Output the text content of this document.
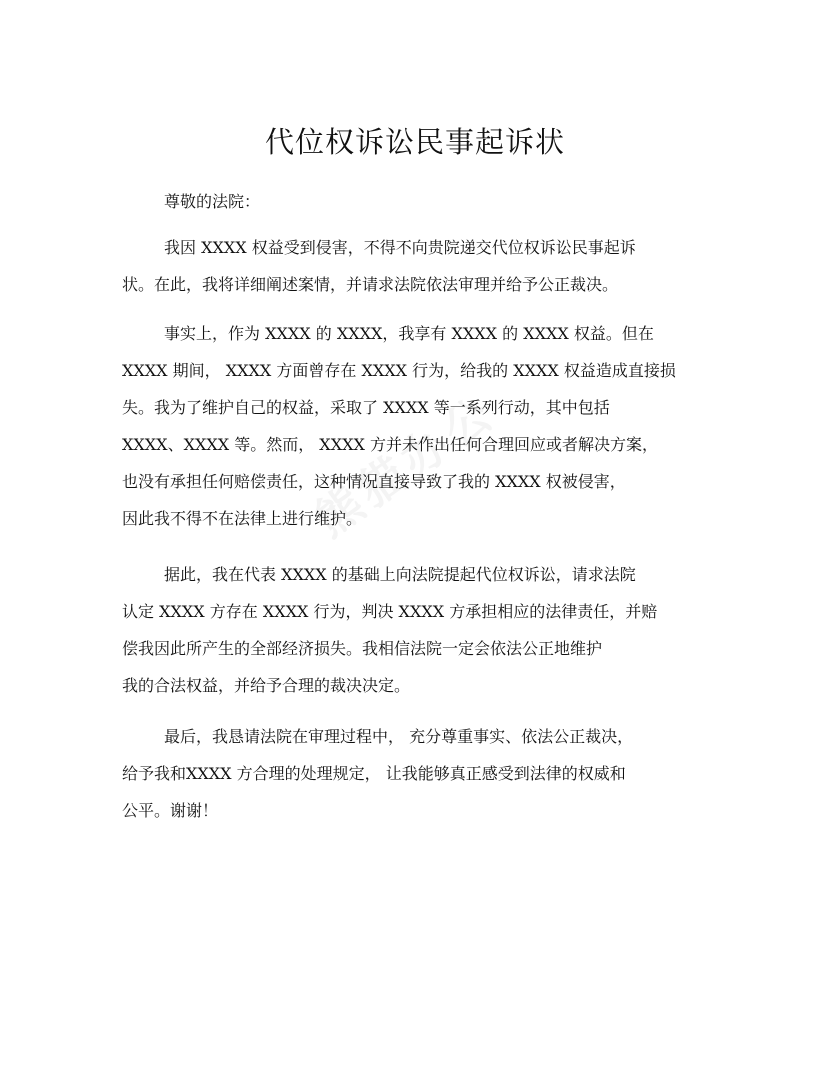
代位权诉讼民事起诉状

尊敬的法院：

我因 XXXX 权益受到侵害，不得不向贵院递交代位权诉讼民事起诉
状。在此，我将详细阐述案情，并请求法院依法审理并给予公正裁决。

事实上，作为 XXXX 的 XXXX，我享有 XXXX 的 XXXX 权益。但在
XXXX 期间， XXXX 方面曾存在 XXXX 行为，给我的 XXXX 权益造成直接损
失。我为了维护自己的权益，采取了 XXXX 等一系列行动，其中包括
XXXX、XXXX 等。然而， XXXX 方并未作出任何合理回应或者解决方案，
也没有承担任何赔偿责任，这种情况直接导致了我的 XXXX 权被侵害，
因此我不得不在法律上进行维护。

据此，我在代表 XXXX 的基础上向法院提起代位权诉讼，请求法院
认定 XXXX 方存在 XXXX 行为，判决 XXXX 方承担相应的法律责任，并赔
偿我因此所产生的全部经济损失。我相信法院一定会依法公正地维护
我的合法权益，并给予合理的裁决决定。

最后，我恳请法院在审理过程中， 充分尊重事实、依法公正裁决，
给予我和XXXX 方合理的处理规定， 让我能够真正感受到法律的权威和
公平。谢谢！
